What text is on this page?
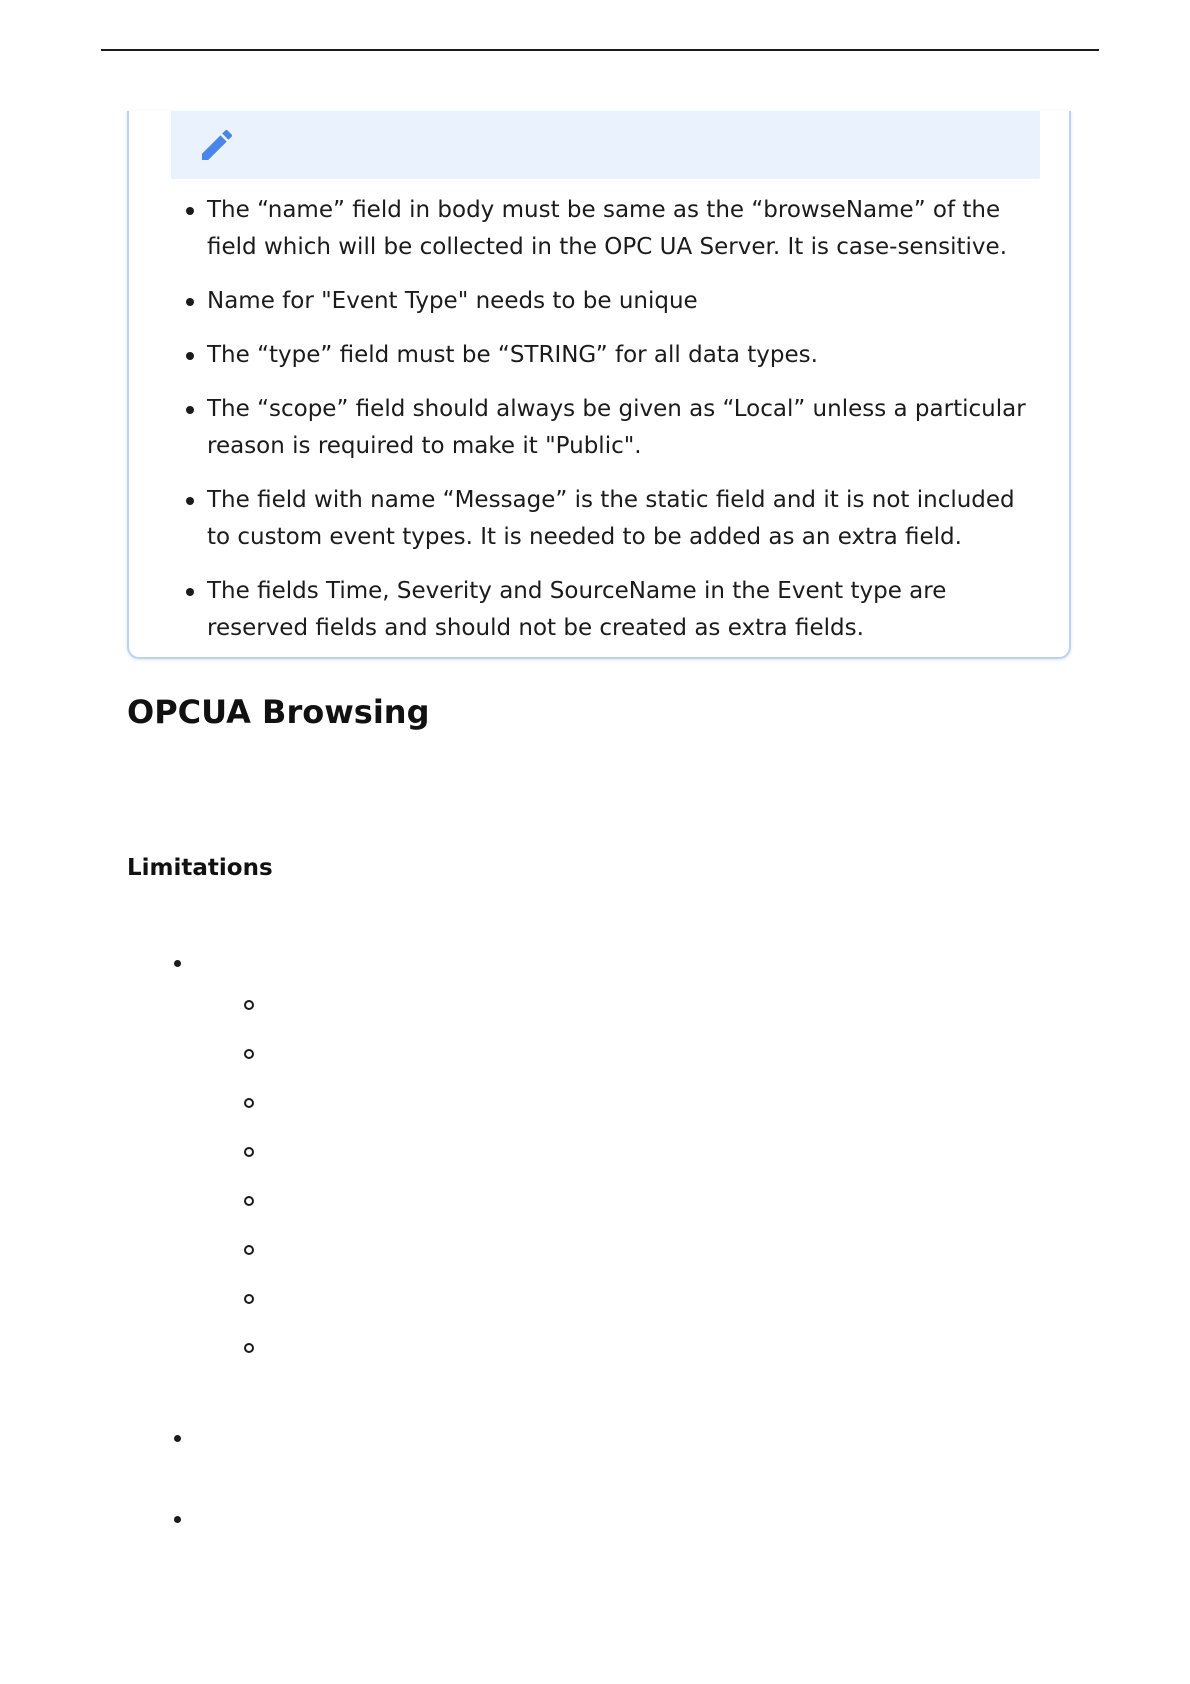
The “name” field in body must be same as the “browseName” of the field which will be collected in the OPC UA Server. It is case-sensitive.
Name for "Event Type" needs to be unique
The “type” field must be “STRING” for all data types.
The “scope” field should always be given as “Local” unless a particular reason is required to make it "Public".
The field with name “Message” is the static field and it is not included to custom event types. It is needed to be added as an extra field.
The fields Time, Severity and SourceName in the Event type are reserved fields and should not be created as extra fields.
OPCUA Browsing
Limitations
